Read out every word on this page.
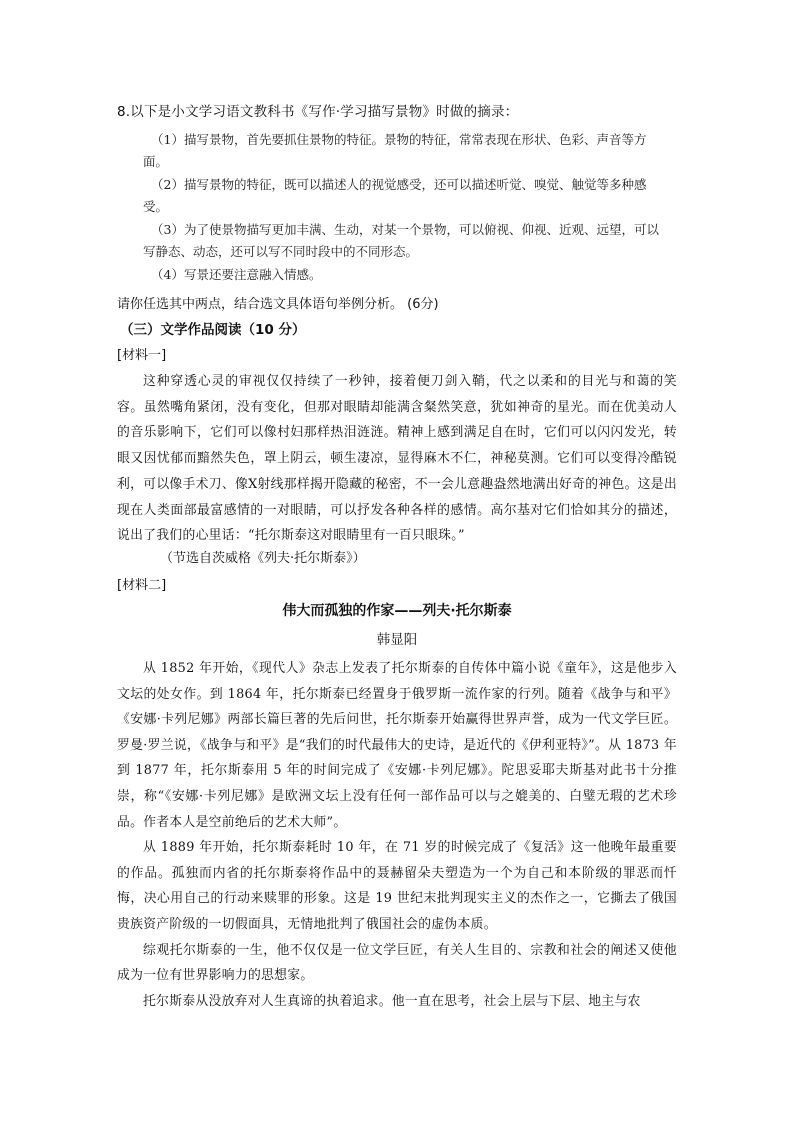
8.以下是小文学习语文教科书《写作·学习描写景物》时做的摘录：

（1）描写景物，首先要抓住景物的特征。景物的特征，常常表现在形状、色彩、声音等方面。

（2）描写景物的特征，既可以描述人的视觉感受，还可以描述听觉、嗅觉、触觉等多种感受。

（3）为了使景物描写更加丰满、生动，对某一个景物，可以俯视、仰视、近观、远望，可以写静态、动态，还可以写不同时段中的不同形态。

（4）写景还要注意融入情感。

请你任选其中两点，结合选文具体语句举例分析。 (6分)
（三）文学作品阅读（10 分）
[材料一]

这种穿透心灵的审视仅仅持续了一秒钟，接着便刀剑入鞘，代之以柔和的目光与和蔼的笑容。虽然嘴角紧闭，没有变化，但那对眼睛却能满含粲然笑意，犹如神奇的星光。而在优美动人的音乐影响下，它们可以像村妇那样热泪涟涟。精神上感到满足自在时，它们可以闪闪发光，转眼又因忧郁而黯然失色，罩上阴云，顿生凄凉，显得麻木不仁，神秘莫测。它们可以变得冷酷锐利，可以像手术刀、像X射线那样揭开隐藏的秘密，不一会儿意趣盎然地满出好奇的神色。这是出现在人类面部最富感情的一对眼睛，可以抒发各种各样的感情。高尔基对它们恰如其分的描述，说出了我们的心里话：“托尔斯泰这对眼睛里有一百只眼珠。”

（节选自茨威格《列夫·托尔斯泰》）
[材料二]
伟大而孤独的作家——列夫·托尔斯泰
韩显阳

从 1852 年开始，《现代人》杂志上发表了托尔斯泰的自传体中篇小说《童年》，这是他步入文坛的处女作。到 1864 年，托尔斯泰已经置身于俄罗斯一流作家的行列。随着《战争与和平》《安娜·卡列尼娜》两部长篇巨著的先后问世，托尔斯泰开始赢得世界声誉，成为一代文学巨匠。罗曼·罗兰说，《战争与和平》是“我们的时代最伟大的史诗，是近代的《伊利亚特》”。从 1873 年到 1877 年，托尔斯泰用 5 年的时间完成了《安娜·卡列尼娜》。陀思妥耶夫斯基对此书十分推崇，称“《安娜·卡列尼娜》是欧洲文坛上没有任何一部作品可以与之媲美的、白璧无瑕的艺术珍品。作者本人是空前绝后的艺术大师”。

从 1889 年开始，托尔斯泰耗时 10 年，在 71 岁的时候完成了《复活》这一他晚年最重要的作品。孤独而内省的托尔斯泰将作品中的聂赫留朵夫塑造为一个为自己和本阶级的罪恶而忏悔，决心用自己的行动来赎罪的形象。这是 19 世纪末批判现实主义的杰作之一，它撕去了俄国贵族资产阶级的一切假面具，无情地批判了俄国社会的虚伪本质。

综观托尔斯泰的一生，他不仅仅是一位文学巨匠，有关人生目的、宗教和社会的阐述又使他成为一位有世界影响力的思想家。

托尔斯泰从没放弃对人生真谛的执着追求。他一直在思考，社会上层与下层、地主与农
